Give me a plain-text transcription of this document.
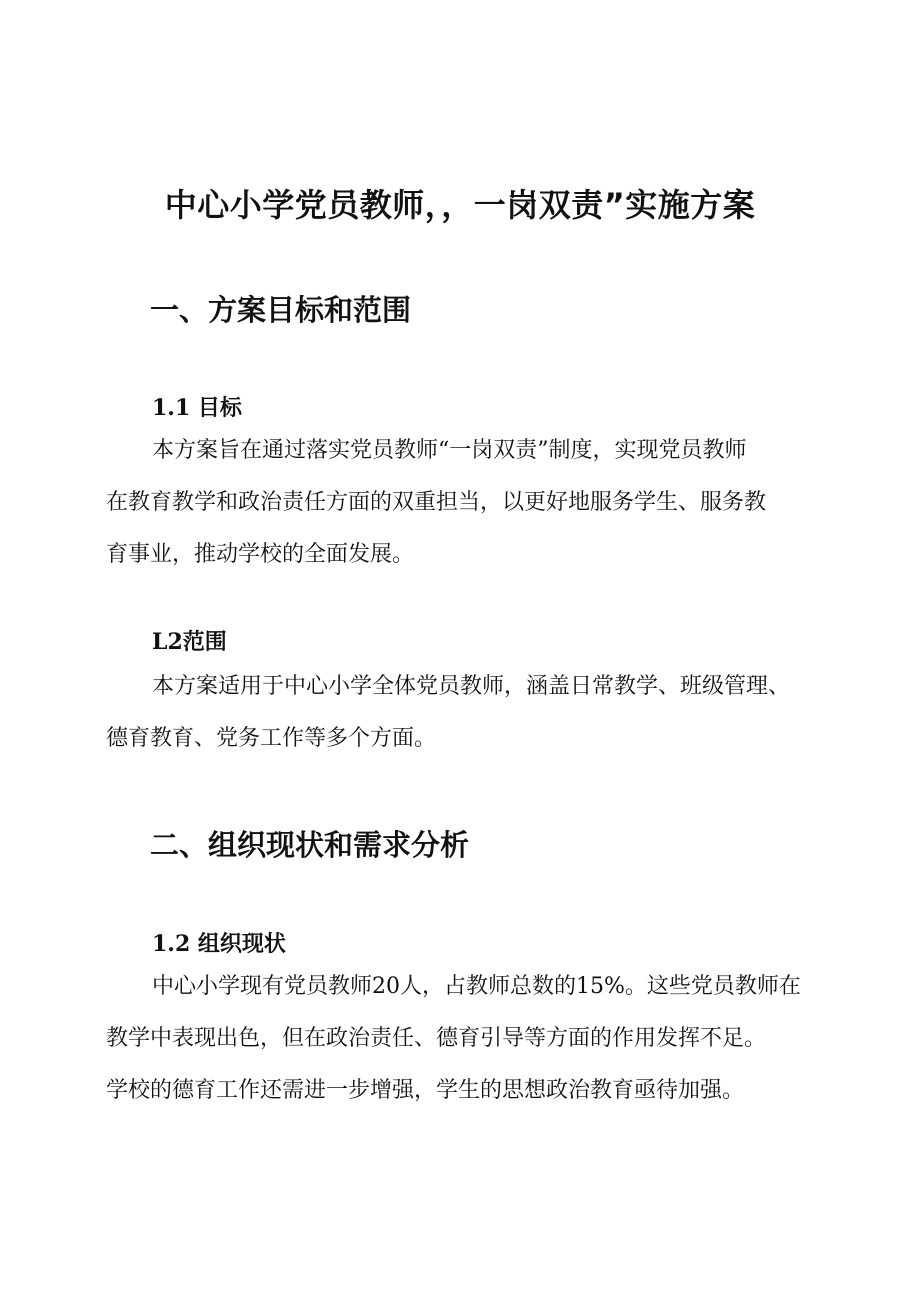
中心小学党员教师，，一岗双责”实施方案
一、方案目标和范围
1.1 目标

本方案旨在通过落实党员教师“一岗双责”制度，实现党员教师
在教育教学和政治责任方面的双重担当，以更好地服务学生、服务教
育事业，推动学校的全面发展。

L2范围

本方案适用于中心小学全体党员教师，涵盖日常教学、班级管理、
德育教育、党务工作等多个方面。

二、组织现状和需求分析
1.2 组织现状

中心小学现有党员教师20人，占教师总数的15%。这些党员教师在
教学中表现出色，但在政治责任、德育引导等方面的作用发挥不足。
学校的德育工作还需进一步增强，学生的思想政治教育亟待加强。
